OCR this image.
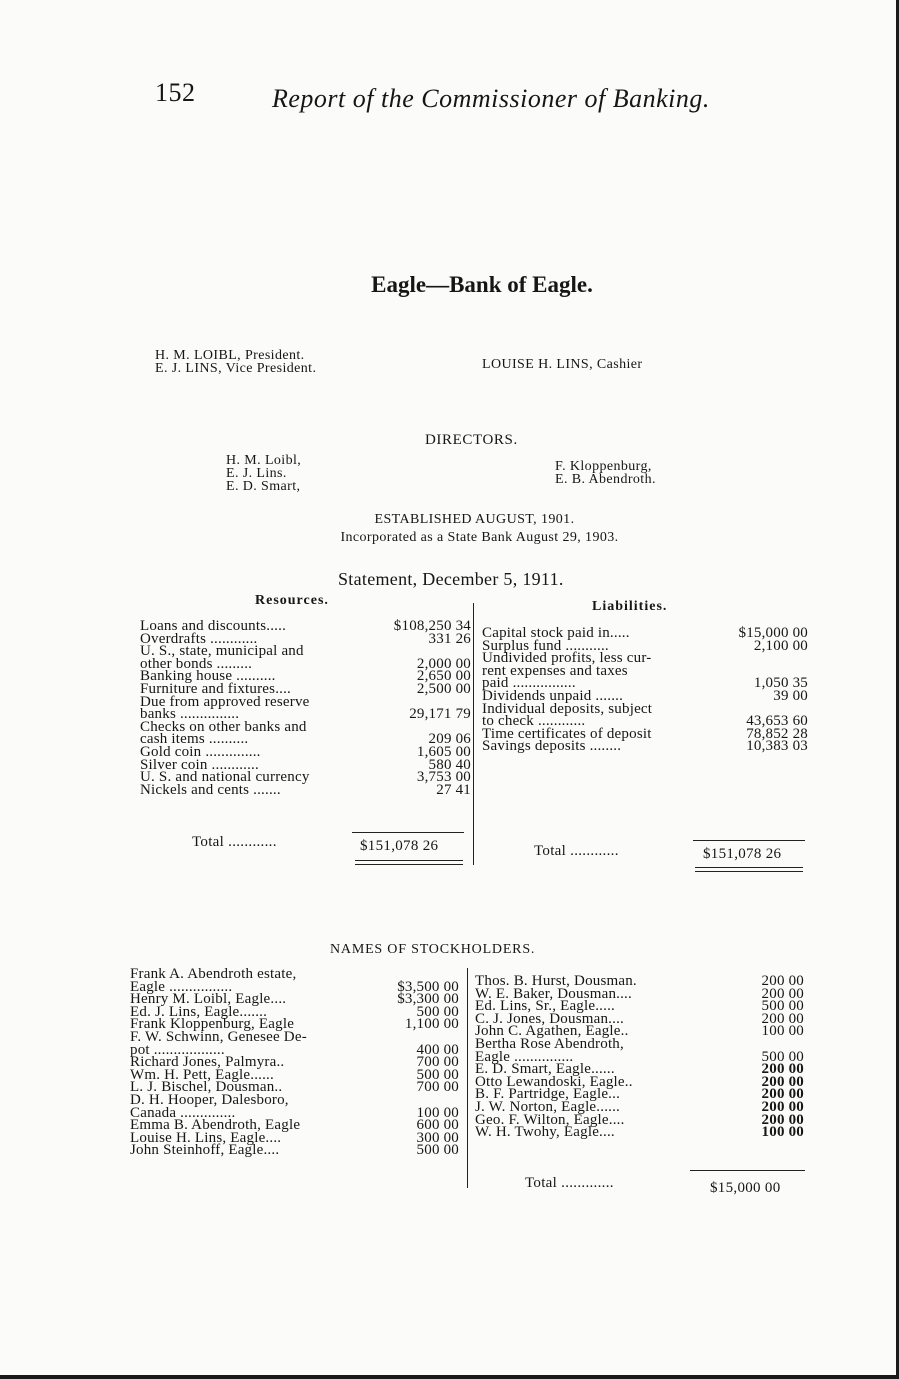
152	Report of the Commissioner of Banking.
Eagle—Bank of Eagle.
H. M. LOIBL, President.
E. J. LINS, Vice President.	LOUISE H. LINS, Cashier
DIRECTORS.
H. M. Loibl,
E. J. Lins.
E. D. Smart,
F. Kloppenburg,
E. B. Abendroth.
ESTABLISHED AUGUST, 1901.
Incorporated as a State Bank August 29, 1903.
Statement, December 5, 1911.
Resources.	Liabilities.
Loans and discounts.....	$108,250 34
Overdrafts ............	331 26
U. S., state, municipal and
other bonds .........	2,000 00
Banking house ..........	2,650 00
Furniture and fixtures....	2,500 00
Due from approved reserve
banks ...............	29,171 79
Checks on other banks and
cash items ..........	209 06
Gold coin ..............	1,605 00
Silver coin ............	580 40
U. S. and national currency	3,753 00
Nickels and cents .......	27 41
Total ............	$151,078 26
Capital stock paid in.....	$15,000 00
Surplus fund ...........	2,100 00
Undivided profits, less cur-
rent expenses and taxes
paid ................	1,050 35
Dividends unpaid .......	39 00
Individual deposits, subject
to check ............	43,653 60
Time certificates of deposit	78,852 28
Savings deposits ........	10,383 03
Total ............	$151,078 26
NAMES OF STOCKHOLDERS.
Frank A. Abendroth estate,
Eagle ................	$3,500 00
Henry M. Loibl, Eagle....	$3,300 00
Ed. J. Lins, Eagle.......	500 00
Frank Kloppenburg, Eagle	1,100 00
F. W. Schwinn, Genesee De-
pot ..................	400 00
Richard Jones, Palmyra..	700 00
Wm. H. Pett, Eagle......	500 00
L. J. Bischel, Dousman..	700 00
D. H. Hooper, Dalesboro,
Canada ..............	100 00
Emma B. Abendroth, Eagle	600 00
Louise H. Lins, Eagle....	300 00
John Steinhoff, Eagle....	500 00
Thos. B. Hurst, Dousman.	200 00
W. E. Baker, Dousman....	200 00
Ed. Lins, Sr., Eagle.....	500 00
C. J. Jones, Dousman....	200 00
John C. Agathen, Eagle..	100 00
Bertha Rose Abendroth,
Eagle ...............	500 00
E. D. Smart, Eagle......	200 00
Otto Lewandoski, Eagle..	200 00
B. F. Partridge, Eagle...	200 00
J. W. Norton, Eagle......	200 00
Geo. F. Wilton, Eagle....	200 00
W. H. Twohy, Eagle....	100 00
Total .............	$15,000 00
